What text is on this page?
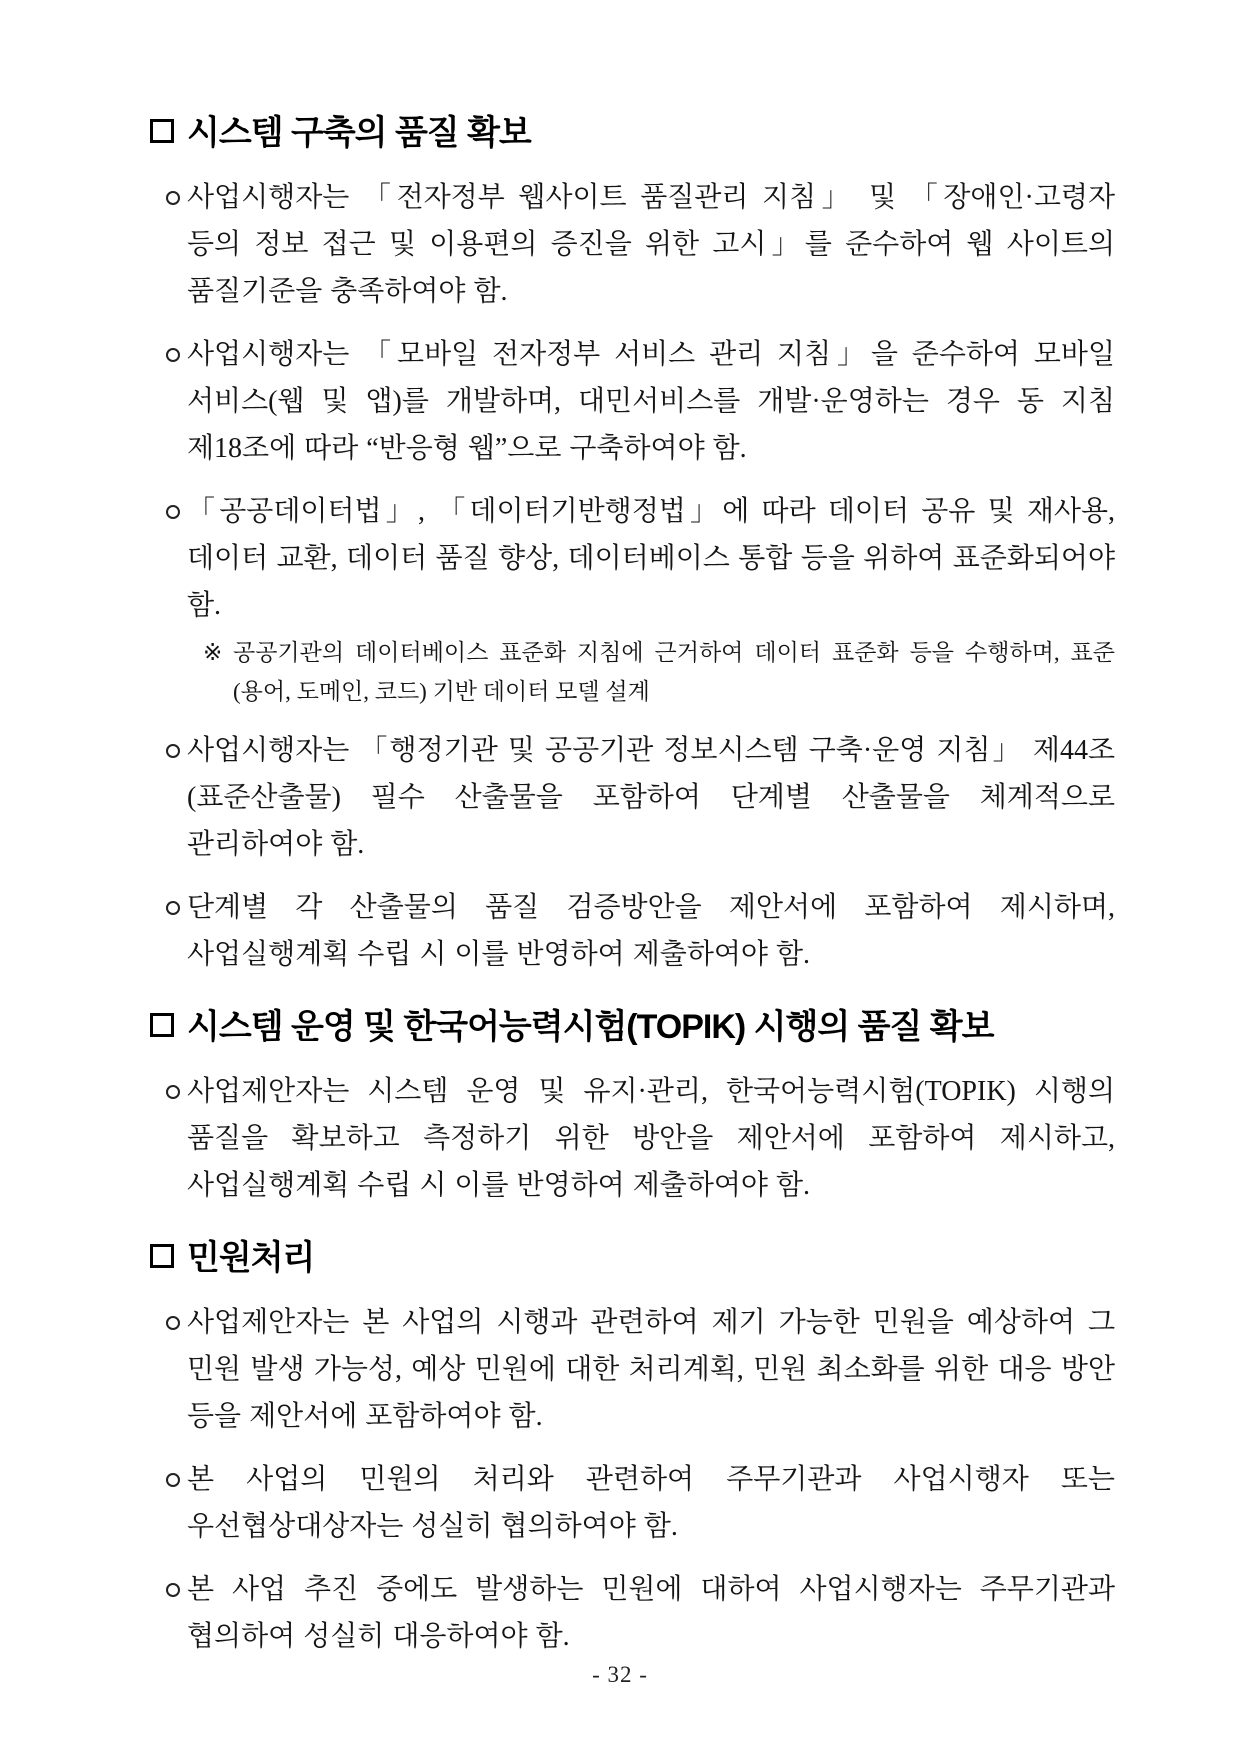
시스템 구축의 품질 확보

사업시행자는 「전자정부 웹사이트 품질관리 지침」 및 「장애인·고령자 등의 정보 접근 및 이용편의 증진을 위한 고시」를 준수하여 웹 사이트의 품질기준을 충족하여야 함.

사업시행자는 「모바일 전자정부 서비스 관리 지침」을 준수하여 모바일 서비스(웹 및 앱)를 개발하며, 대민서비스를 개발·운영하는 경우 동 지침 제18조에 따라 “반응형 웹”으로 구축하여야 함.

「공공데이터법」, 「데이터기반행정법」에 따라 데이터 공유 및 재사용, 데이터 교환, 데이터 품질 향상, 데이터베이스 통합 등을 위하여 표준화되어야 함.

※ 공공기관의 데이터베이스 표준화 지침에 근거하여 데이터 표준화 등을 수행하며, 표준(용어, 도메인, 코드) 기반 데이터 모델 설계

사업시행자는 「행정기관 및 공공기관 정보시스템 구축·운영 지침」 제44조(표준산출물) 필수 산출물을 포함하여 단계별 산출물을 체계적으로 관리하여야 함.

단계별 각 산출물의 품질 검증방안을 제안서에 포함하여 제시하며, 사업실행계획 수립 시 이를 반영하여 제출하여야 함.

시스템 운영 및 한국어능력시험(TOPIK) 시행의 품질 확보

사업제안자는 시스템 운영 및 유지·관리, 한국어능력시험(TOPIK) 시행의 품질을 확보하고 측정하기 위한 방안을 제안서에 포함하여 제시하고, 사업실행계획 수립 시 이를 반영하여 제출하여야 함.

민원처리

사업제안자는 본 사업의 시행과 관련하여 제기 가능한 민원을 예상하여 그 민원 발생 가능성, 예상 민원에 대한 처리계획, 민원 최소화를 위한 대응 방안 등을 제안서에 포함하여야 함.

본 사업의 민원의 처리와 관련하여 주무기관과 사업시행자 또는 우선협상대상자는 성실히 협의하여야 함.

본 사업 추진 중에도 발생하는 민원에 대하여 사업시행자는 주무기관과 협의하여 성실히 대응하여야 함.

- 32 -
